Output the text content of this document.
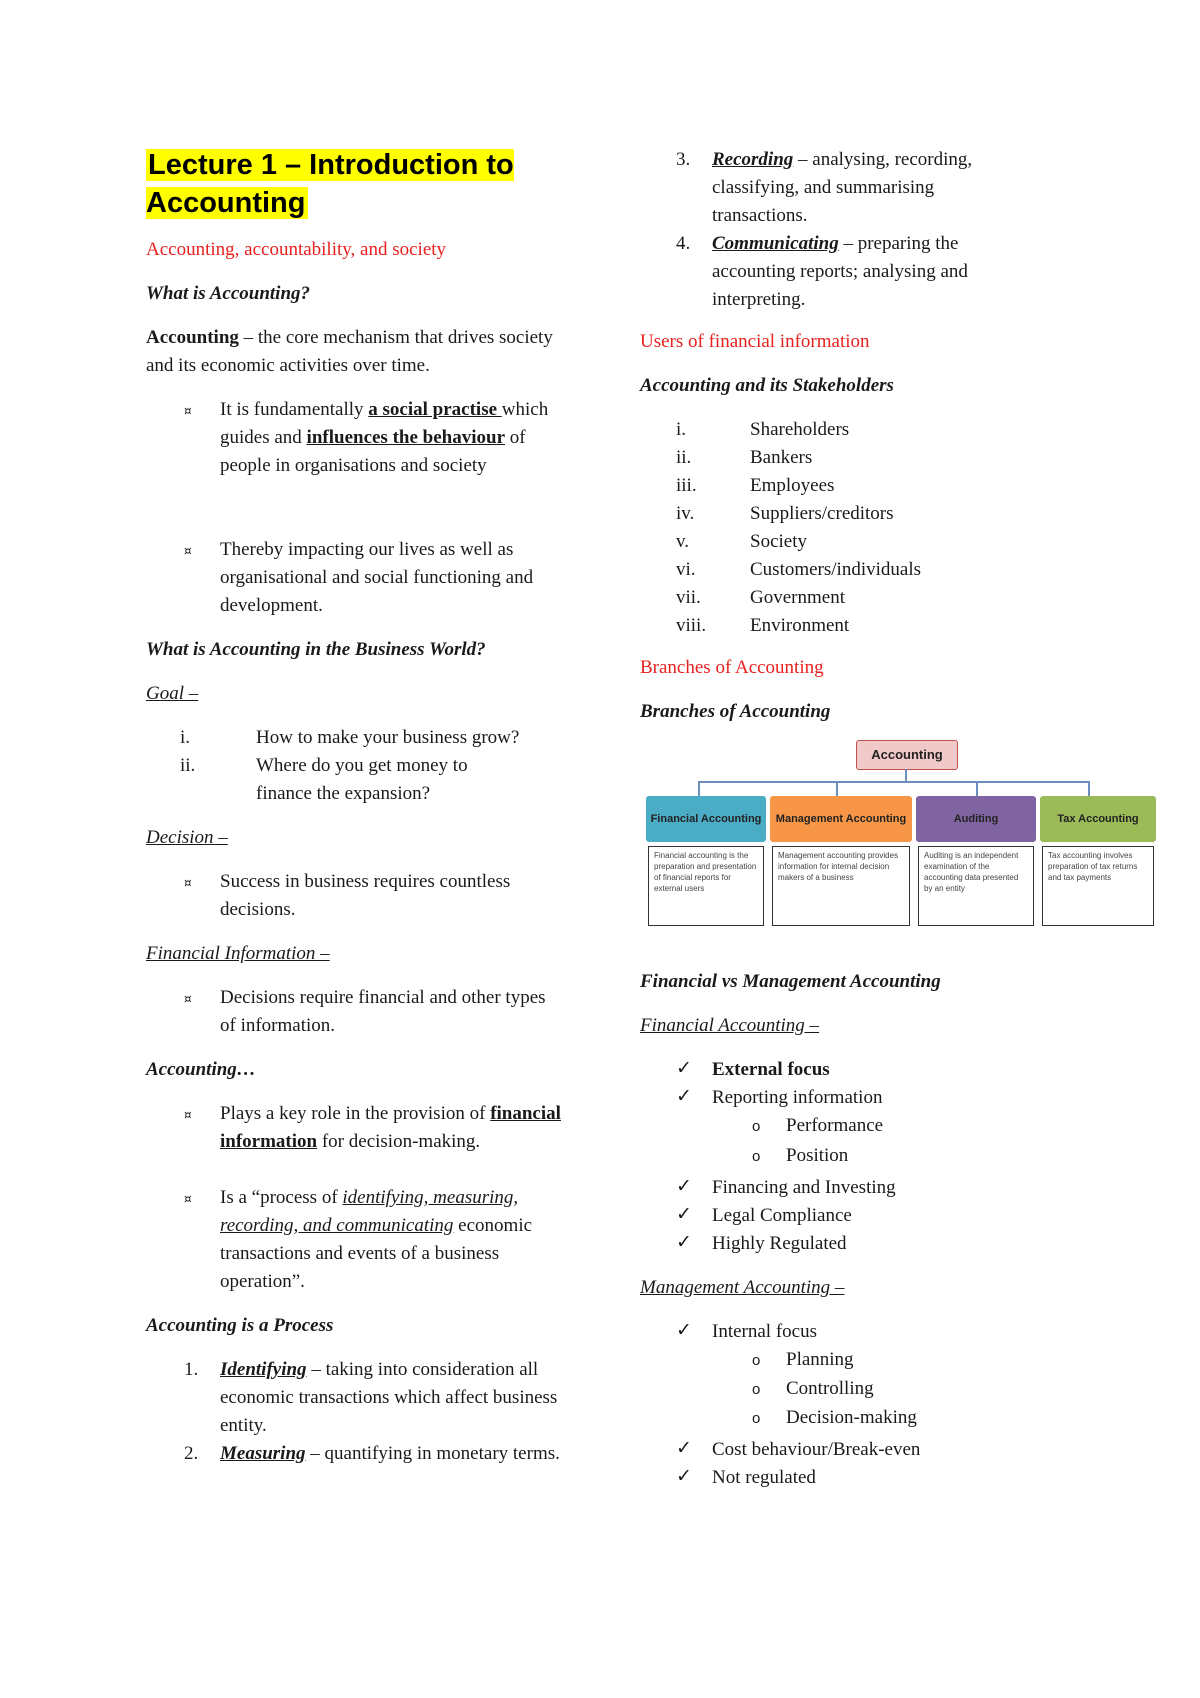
Lecture 1 – Introduction to Accounting
Accounting, accountability, and society
What is Accounting?
Accounting – the core mechanism that drives society and its economic activities over time.
¤ It is fundamentally a social practise which guides and influences the behaviour of people in organisations and society
¤ Thereby impacting our lives as well as organisational and social functioning and development.
What is Accounting in the Business World?
Goal –
i.	How to make your business grow?
ii.	Where do you get money to finance the expansion?
Decision –
¤ Success in business requires countless decisions.
Financial Information –
¤ Decisions require financial and other types of information.
Accounting…
¤ Plays a key role in the provision of financial information for decision-making.
¤ Is a “process of identifying, measuring, recording, and communicating economic transactions and events of a business operation”.
Accounting is a Process
1. Identifying – taking into consideration all economic transactions which affect business entity.
2. Measuring – quantifying in monetary terms.
3. Recording – analysing, recording, classifying, and summarising transactions.
4. Communicating – preparing the accounting reports; analysing and interpreting.
Users of financial information
Accounting and its Stakeholders
i.	Shareholders
ii.	Bankers
iii.	Employees
iv.	Suppliers/creditors
v.	Society
vi.	Customers/individuals
vii.	Government
viii. Environment
Branches of Accounting
Branches of Accounting
Accounting
Financial Accounting	Management Accounting	Auditing	Tax Accounting
Financial accounting is the preparation and presentation of financial reports for external users
Management accounting provides information for internal decision makers of a business
Auditing is an independent examination of the accounting data presented by an entity
Tax accounting involves preparation of tax returns and tax payments
Financial vs Management Accounting
Financial Accounting –
✓ External focus
✓ Reporting information
o Performance
o Position
✓ Financing and Investing
✓ Legal Compliance
✓ Highly Regulated
Management Accounting –
✓ Internal focus
o Planning
o Controlling
o Decision-making
✓ Cost behaviour/Break-even
✓ Not regulated
